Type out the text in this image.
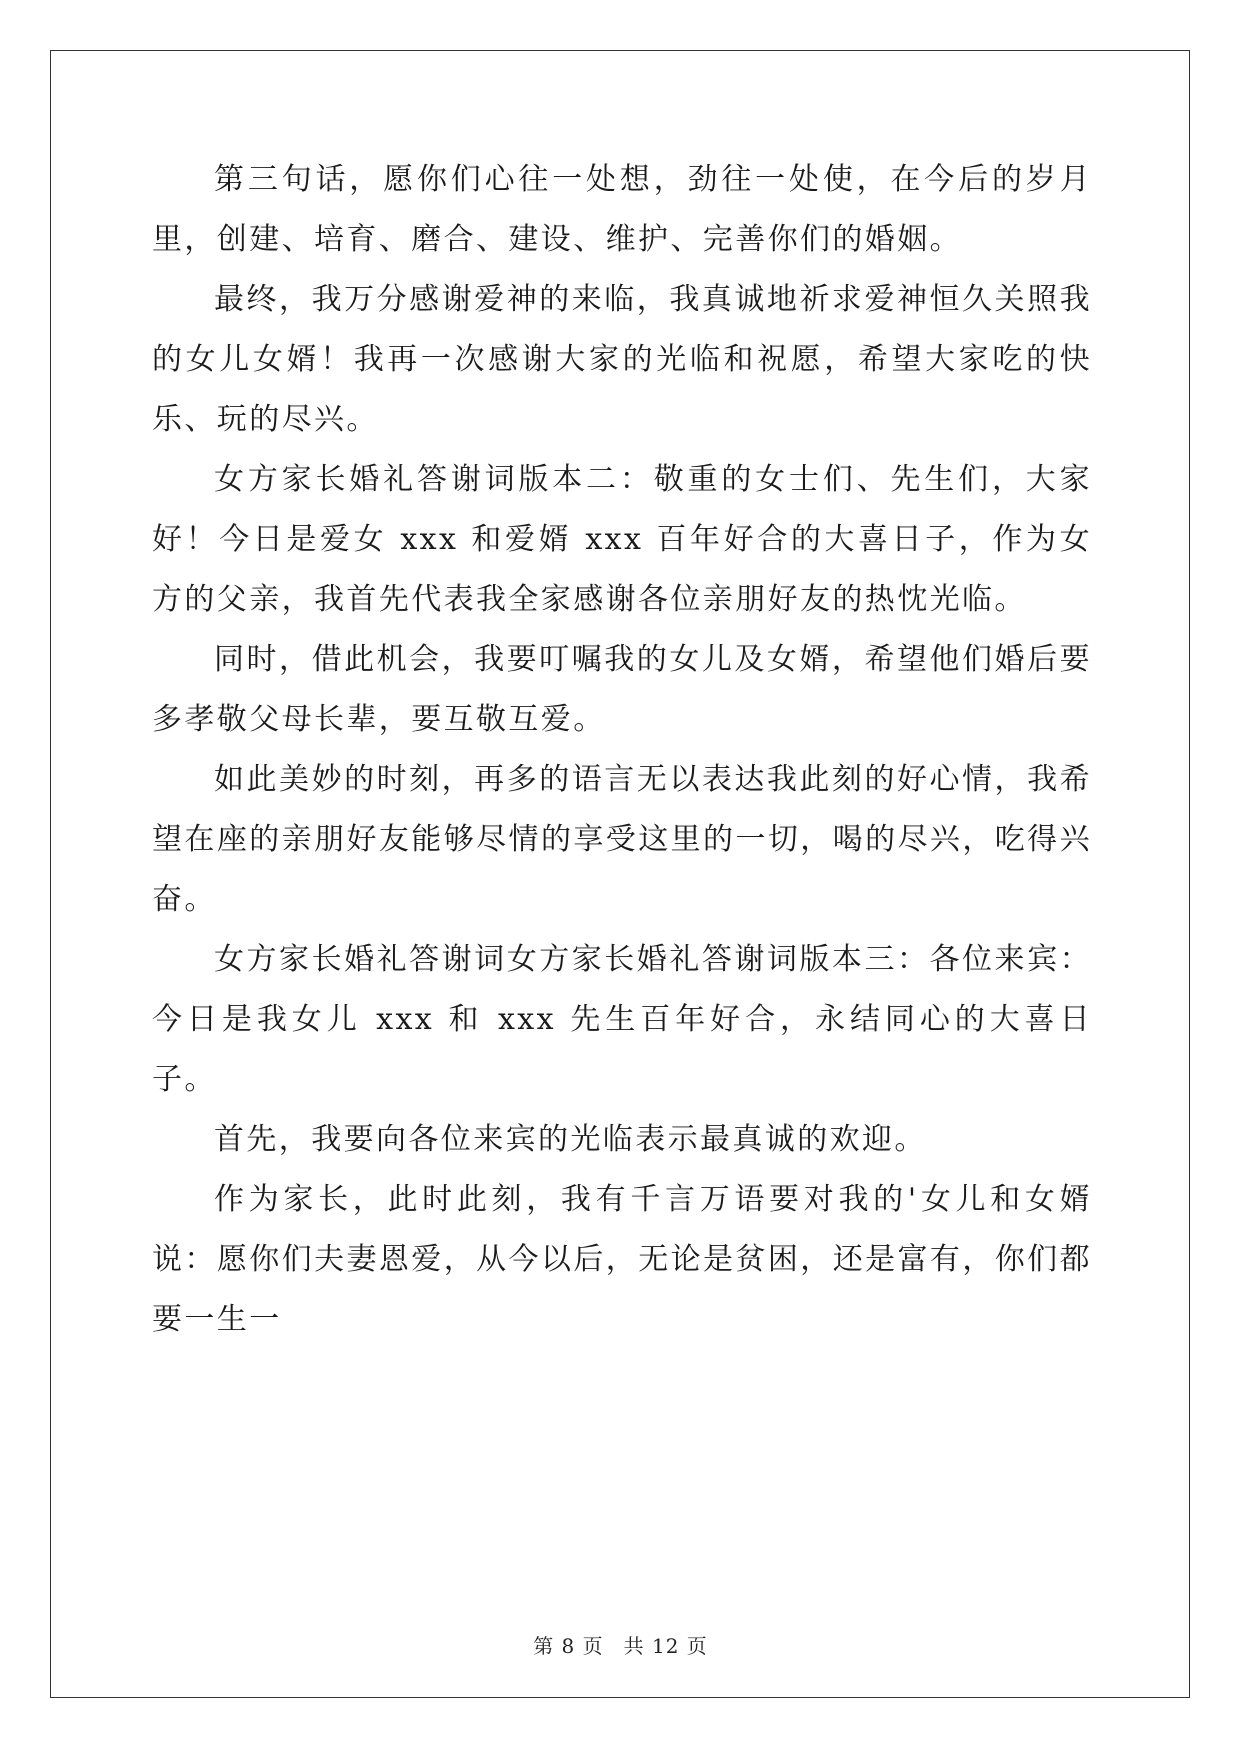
第三句话，愿你们心往一处想，劲往一处使，在今后的岁月里，创建、培育、磨合、建设、维护、完善你们的婚姻。

最终，我万分感谢爱神的来临，我真诚地祈求爱神恒久关照我的女儿女婿！我再一次感谢大家的光临和祝愿，希望大家吃的快乐、玩的尽兴。

女方家长婚礼答谢词版本二：敬重的女士们、先生们，大家好！今日是爱女 xxx 和爱婿 xxx 百年好合的大喜日子，作为女方的父亲，我首先代表我全家感谢各位亲朋好友的热忱光临。

同时，借此机会，我要叮嘱我的女儿及女婿，希望他们婚后要多孝敬父母长辈，要互敬互爱。

如此美妙的时刻，再多的语言无以表达我此刻的好心情，我希望在座的亲朋好友能够尽情的享受这里的一切，喝的尽兴，吃得兴奋。

女方家长婚礼答谢词女方家长婚礼答谢词版本三：各位来宾：今日是我女儿 xxx 和 xxx 先生百年好合，永结同心的大喜日子。

首先，我要向各位来宾的光临表示最真诚的欢迎。

作为家长，此时此刻，我有千言万语要对我的'女儿和女婿说：愿你们夫妻恩爱，从今以后，无论是贫困，还是富有，你们都要一生一

第 8 页 共 12 页
